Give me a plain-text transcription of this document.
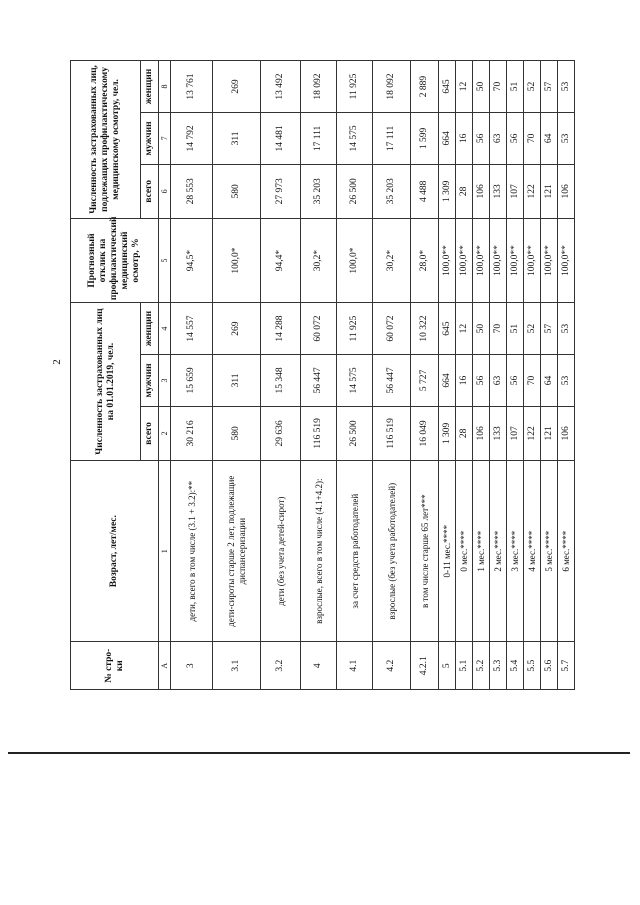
2
№ стро-ки	Возраст, лет/мес.	Численность застрахованных лиц на 01.01.2019, чел.			Прогнозный отклик на профилактический медицинский осмотр, %	Численность застрахованных лиц, подлежащих профилактическому медицинскому осмотру, чел.		
		всего	мужчин	женщин		всего	мужчин	женщин
А	1	2	3	4	5	6	7	8
3	дети, всего в том числе (3.1 + 3.2):**	30 216	15 659	14 557	94,5*	28 553	14 792	13 761
3.1	дети-сироты старше 2 лет, подлежащие диспансеризации	580	311	269	100,0*	580	311	269
3.2	дети (без учета детей-сирот)	29 636	15 348	14 288	94,4*	27 973	14 481	13 492
4	взрослые, всего в том числе (4.1+4.2):	116 519	56 447	60 072	30,2*	35 203	17 111	18 092
4.1	за счет средств работодателей	26 500	14 575	11 925	100,0*	26 500	14 575	11 925
4.2	взрослые (без учета работодателей)	116 519	56 447	60 072	30,2*	35 203	17 111	18 092
4.2.1	в том числе старше 65 лет***	16 049	5 727	10 322	28,0*	4 488	1 599	2 889
5	0-11 мес.****	1 309	664	645	100,0**	1 309	664	645
5.1	0 мес.****	28	16	12	100,0**	28	16	12
5.2	1 мес.****	106	56	50	100,0**	106	56	50
5.3	2 мес.****	133	63	70	100,0**	133	63	70
5.4	3 мес.****	107	56	51	100,0**	107	56	51
5.5	4 мес.****	122	70	52	100,0**	122	70	52
5.6	5 мес.****	121	64	57	100,0**	121	64	57
5.7	6 мес.****	106	53	53	100,0**	106	53	53
